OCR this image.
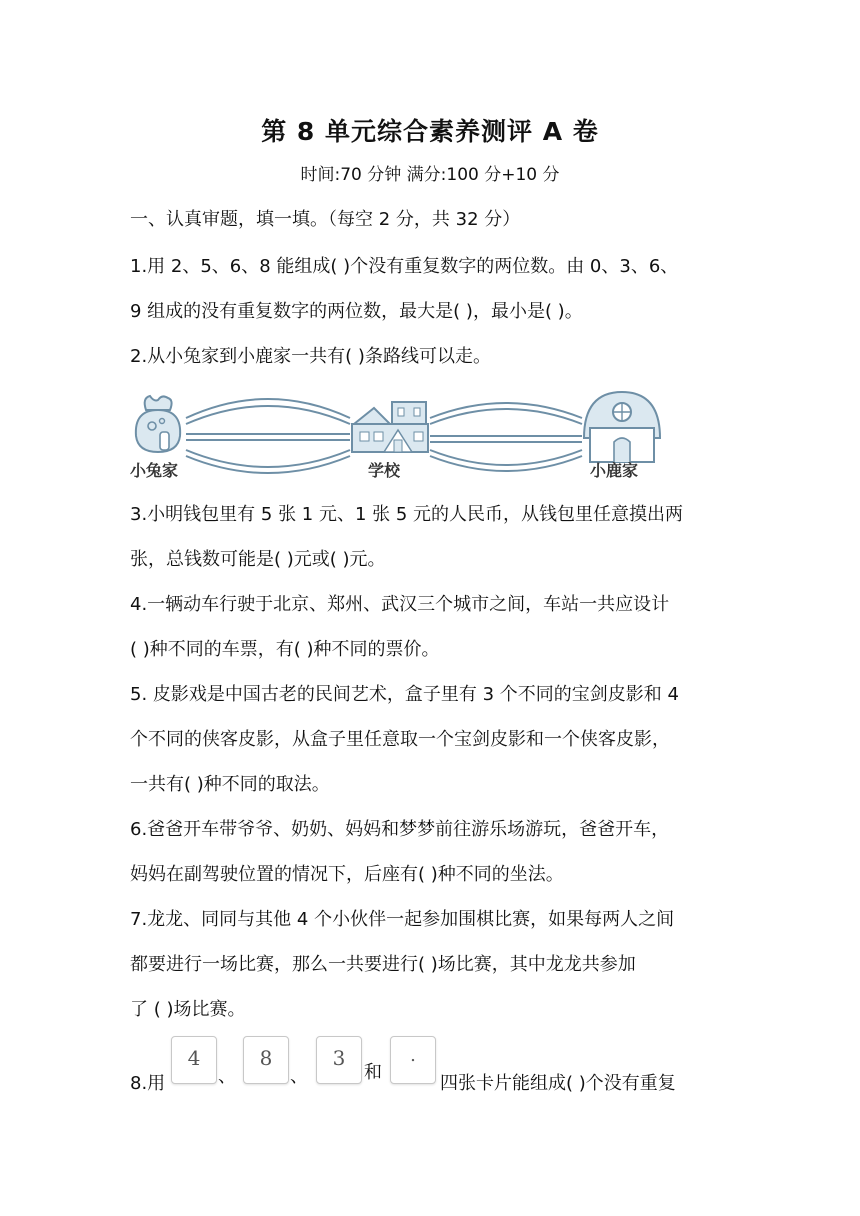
第 8 单元综合素养测评 A 卷
时间:70 分钟 满分:100 分+10 分
一、认真审题，填一填。（每空 2 分，共 32 分）
1.用 2、5、6、8 能组成( )个没有重复数字的两位数。由 0、3、6、
9 组成的没有重复数字的两位数，最大是( )，最小是( )。
2.从小兔家到小鹿家一共有( )条路线可以走。
小兔家	学校	小鹿家
3.小明钱包里有 5 张 1 元、1 张 5 元的人民币，从钱包里任意摸出两
张，总钱数可能是( )元或( )元。
4.一辆动车行驶于北京、郑州、武汉三个城市之间，车站一共应设计
( )种不同的车票，有( )种不同的票价。
5. 皮影戏是中国古老的民间艺术，盒子里有 3 个不同的宝剑皮影和 4
个不同的侠客皮影，从盒子里任意取一个宝剑皮影和一个侠客皮影，
一共有( )种不同的取法。
6.爸爸开车带爷爷、奶奶、妈妈和梦梦前往游乐场游玩，爸爸开车，
妈妈在副驾驶位置的情况下，后座有( )种不同的坐法。
7.龙龙、同同与其他 4 个小伙伴一起参加围棋比赛，如果每两人之间
都要进行一场比赛，那么一共要进行( )场比赛，其中龙龙共参加
了 ( )场比赛。
8.用
4
、
8
、
3
和
.
四张卡片能组成( )个没有重复
